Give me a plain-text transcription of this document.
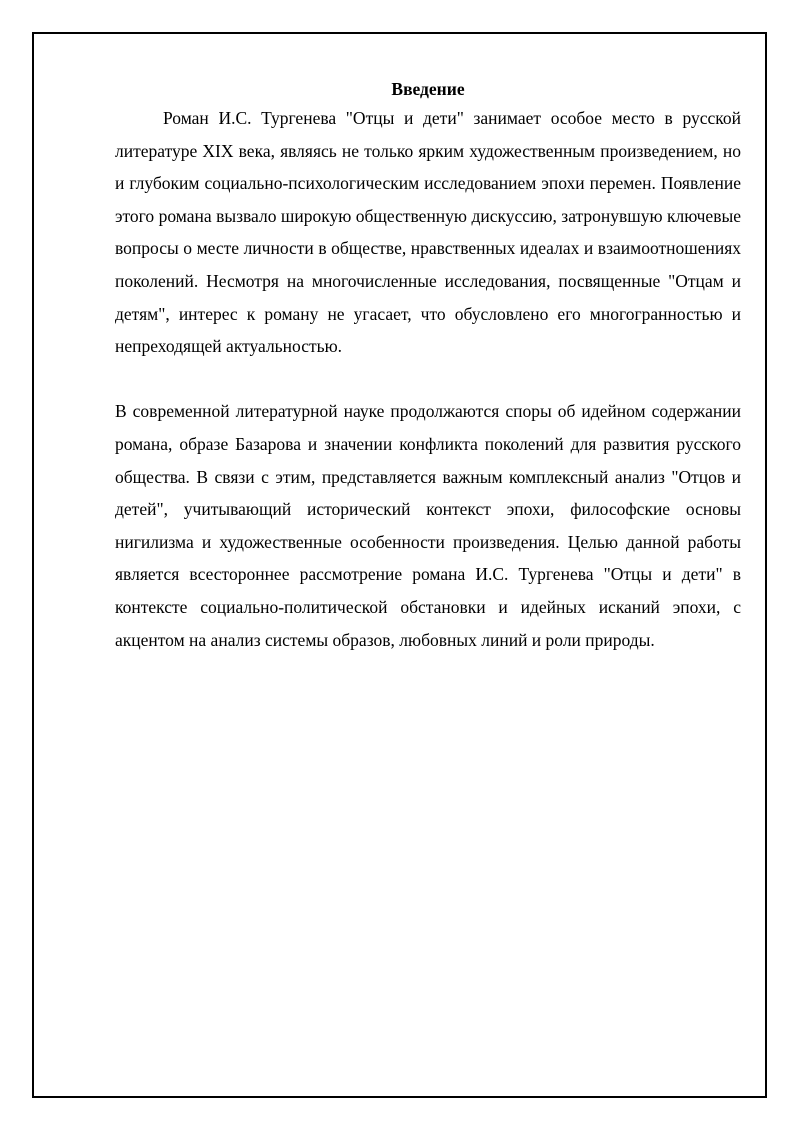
Введение

Роман И.С. Тургенева "Отцы и дети" занимает особое место в русской литературе XIX века, являясь не только ярким художественным произведением, но и глубоким социально-психологическим исследованием эпохи перемен. Появление этого романа вызвало широкую общественную дискуссию, затронувшую ключевые вопросы о месте личности в обществе, нравственных идеалах и взаимоотношениях поколений. Несмотря на многочисленные исследования, посвященные "Отцам и детям", интерес к роману не угасает, что обусловлено его многогранностью и непреходящей актуальностью.

В современной литературной науке продолжаются споры об идейном содержании романа, образе Базарова и значении конфликта поколений для развития русского общества. В связи с этим, представляется важным комплексный анализ "Отцов и детей", учитывающий исторический контекст эпохи, философские основы нигилизма и художественные особенности произведения. Целью данной работы является всестороннее рассмотрение романа И.С. Тургенева "Отцы и дети" в контексте социально-политической обстановки и идейных исканий эпохи, с акцентом на анализ системы образов, любовных линий и роли природы.
